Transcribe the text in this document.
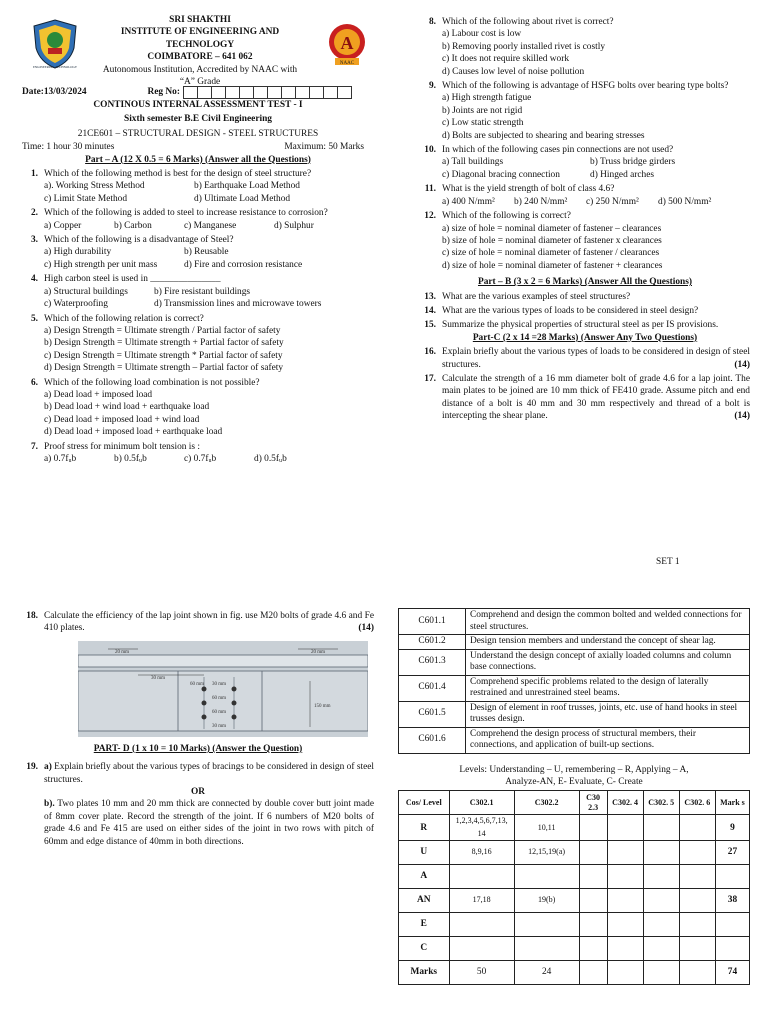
ENGINEERING TECHNOLOGY
SRI SHAKTHI
INSTITUTE OF ENGINEERING AND
TECHNOLOGY
COIMBATORE – 641 062
Autonomous Institution, Accredited by NAAC with
“A” Grade
A
NAAC
Date:13/03/2024	Reg No:
CONTINOUS INTERNAL ASSESSMENT TEST - I
Sixth semester B.E Civil Engineering
21CE601 – STRUCTURAL DESIGN - STEEL STRUCTURES
Time: 1 hour 30 minutes	Maximum: 50 Marks
Part – A (12 X 0.5 = 6 Marks) (Answer all the Questions)
1. Which of the following method is best for the design of steel structure?
a). Working Stress Method	b) Earthquake Load Method
c) Limit State Method	d) Ultimate Load Method
2. Which of the following is added to steel to increase resistance to corrosion?
a) Copper	b) Carbon	c) Manganese	d) Sulphur
3. Which of the following is a disadvantage of Steel?
a) High durability	b) Reusable
c) High strength per unit mass	d) Fire and corrosion resistance
4. High carbon steel is used in _______________
a) Structural buildings	b) Fire resistant buildings
c) Waterproofing	d) Transmission lines and microwave towers
5. Which of the following relation is correct?
a) Design Strength = Ultimate strength / Partial factor of safety
b) Design Strength = Ultimate strength + Partial factor of safety
c) Design Strength = Ultimate strength * Partial factor of safety
d) Design Strength = Ultimate strength – Partial factor of safety
6. Which of the following load combination is not possible?
a) Dead load + imposed load
b) Dead load + wind load + earthquake load
c) Dead load + imposed load + wind load
d) Dead load + imposed load + earthquake load
7. Proof stress for minimum bolt tension is :
a) 0.7fᵤb	b) 0.5fᵤb	c) 0.7fᵤb	d) 0.5fᵤb
8. Which of the following about rivet is correct?
a) Labour cost is low
b) Removing poorly installed rivet is costly
c) It does not require skilled work
d) Causes low level of noise pollution
9. Which of the following is advantage of HSFG bolts over bearing type bolts?
a) High strength fatigue
b) Joints are not rigid
c) Low static strength
d) Bolts are subjected to shearing and bearing stresses
10. In which of the following cases pin connections are not used?
a) Tall buildings	b) Truss bridge girders
c) Diagonal bracing connection	d) Hinged arches
11. What is the yield strength of bolt of class 4.6?
a) 400 N/mm²	b) 240 N/mm²	c) 250 N/mm²	d) 500 N/mm²
12. Which of the following is correct?
a) size of hole = nominal diameter of fastener – clearances
b) size of hole = nominal diameter of fastener x clearances
c) size of hole = nominal diameter of fastener / clearances
d) size of hole = nominal diameter of fastener + clearances
Part – B (3 x 2 = 6 Marks) (Answer All the Questions)
13. What are the various examples of steel structures?
14. What are the various types of loads to be considered in steel design?
15. Summarize the physical properties of structural steel as per IS provisions.
Part-C (2 x 14 =28 Marks) (Answer Any Two Questions)
16. Explain briefly about the various types of loads to be considered in design of steel structures.	(14)
17. Calculate the strength of a 16 mm diameter bolt of grade 4.6 for a lap joint. The main plates to be joined are 10 mm thick of FE410 grade. Assume pitch and end distance of a bolt is 40 mm and 30 mm respectively and thread of a bolt is intercepting the shear plane.	(14)
SET 1
18. Calculate the efficiency of the lap joint shown in fig. use M20 bolts of grade 4.6 and Fe 410 plates.	(14)
20 mm	20 mm
30 mm
60 mm 30 mm
60 mm
150 mm
60 mm
30 mm
PART- D (1 x 10 = 10 Marks) (Answer the Question)
19. a) Explain briefly about the various types of bracings to be considered in design of steel structures.
OR
b). Two plates 10 mm and 20 mm thick are connected by double cover butt joint made of 8mm cover plate. Record the strength of the joint. If 6 numbers of M20 bolts of grade 4.6 and Fe 415 are used on either sides of the joint in two rows with pitch of 60mm and edge distance of 40mm in both directions.
C601.1	Comprehend and design the common bolted and welded connections for steel structures.
C601.2	Design tension members and understand the concept of shear lag.
C601.3	Understand the design concept of axially loaded columns and column base connections.
C601.4	Comprehend specific problems related to the design of laterally restrained and unrestrained steel beams.
C601.5	Design of element in roof trusses, joints, etc. use of hand hooks in steel trusses design.
C601.6	Comprehend the design process of structural members, their connections, and application of built-up sections.
Levels: Understanding – U, remembering – R, Applying – A,
Analyze-AN, E- Evaluate, C- Create
Cos/ Level	C302.1	C302.2	C30 2.3	C302. 4	C302. 5	C302. 6	Mark s
R	1,2,3,4,5,6,7,13, 14	10,11					9
U	8,9,16	12,15,19(a)					27
A							
AN	17,18	19(b)					38
E							
C							
Marks	50	24					74
